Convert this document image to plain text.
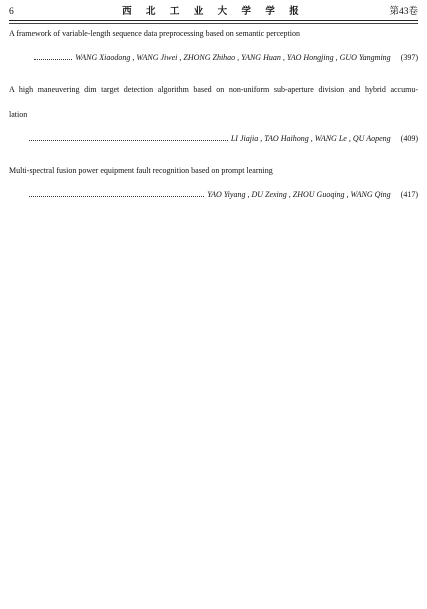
6	西 北 工 业 大 学 学 报	第43卷
A framework of variable-length sequence data preprocessing based on semantic perception
WANG Xiaodong , WANG Jiwei , ZHONG Zhihao , YANG Huan , YAO Hongjing , GUO Yangming (397)
A high maneuvering dim target detection algorithm based on non-uniform sub-aperture division and hybrid accumu-
lation
LI Jiajia , TAO Haihong , WANG Le , QU Aopeng (409)
Multi-spectral fusion power equipment fault recognition based on prompt learning
YAO Yiyang , DU Zexing , ZHOU Guoqing , WANG Qing (417)
